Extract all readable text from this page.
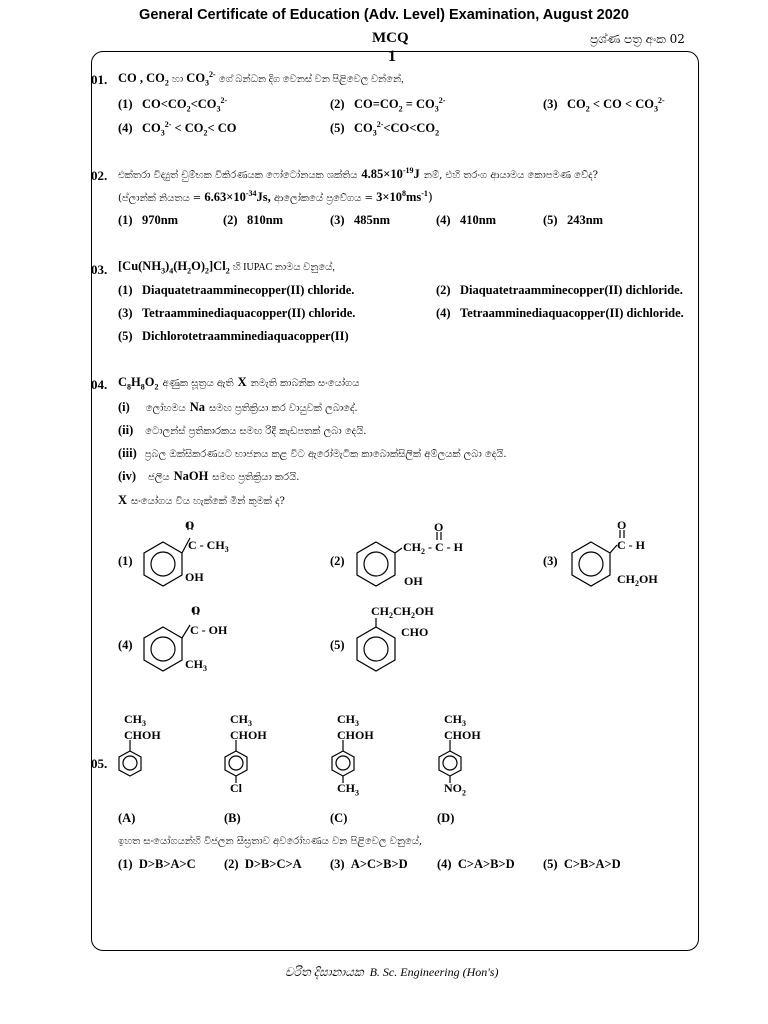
General Certificate of Education (Adv. Level) Examination, August 2020
MCQ	ප්‍රශ්ණ පත්‍ර අංක 02
1
01. CO , $CO_2$ හා $CO_3^{2-}$ ගේ බන්ධන දිග වෙනස් වන පිළිවෙල වන්නේ,
(1)   $CO<CO_2<CO_3^{2-}$	(2)   $CO=CO_2 = CO_3^{2-}$	(3)   $CO_2$ < CO < $CO_3^{2-}$
(4)   $CO_3^{2-} < CO_2<$ CO	(5)   $CO_3^{2-}<CO<CO_2$
02. එක්තරා විද්‍යුත් චුම්භක විකිරණයක ෆෝටෝනයක ශක්තිය $4.85\times 10^{-19}J$ නම්, එහි තරංග ආයාමය කොපමණ වේද?
(ප්ලාන්ක් නියතය = $6.63\times 10^{-34}Js$, ආලෝකයේ ප්‍රවේගය = $3\times 10^8ms^{-1}$)
(1) 970nm	(2) 810nm	(3) 485nm	(4) 410nm	(5) 243nm
03. $[Cu(NH_3)_4(H_2O)_2]Cl_2$ හි IUPAC නාමය වනුයේ,
(1) Diaquatetraamminecopper(II) chloride.	(2) Diaquatetraamminecopper(II) dichloride.
(3) Tetraamminediaquacopper(II) chloride.	(4) Tetraamminediaquacopper(II) dichloride.
(5) Dichlorotetraamminediaquacopper(II)
04. $C_8H_8O_2$ අණුක සූත්‍රය ඇති X නමැති කාබනික සංයෝගය
(i) ලෝහමය Na සමඟ ප්‍රතික්‍රියා කර වායුවක් ලබාදේ.
(ii) ටොලන්ස් ප්‍රතිකාරකය සමඟ රිදී කැඩපතක් ලබා දෙයි.
(iii) ප්‍රබල ඔක්සිකරණයට භාජනය කළ විට ඇරෝමැටික කාබොක්සිලික් අම්ලයක් ලබා දෙයි.
(iv) ජලීය NaOH සමඟ ප්‍රතික්‍රියා කරයි.
X සංයෝගය විය හැක්කේ මින් කුමක් ද?
(1)	(2)	(3)
(4)	(5)
O
C - $CH_3$
OH
O
$CH_2$ - C - H
OH
O
C - H
$CH_2OH$
O
C - OH
$CH_3$
$CH_2CH_2OH$
CHO
$CH_3$
CHOH
$CH_3$
CHOH
$CH_3$
CHOH
$CH_3$
CHOH
Cl	$CH_3$	$NO_2$
05.
(A)	(B)	(C)	(D)
ඉහත සංයෝගයන්හි විජලන සීඝ්‍රතාව අවරෝහණය වන පිළිවෙල වනුයේ,
(1) D>B>A>C (2) D>B>C>A (3) A>C>B>D (4) C>A>B>D (5) C>B>A>D
චරිත දිසානායක B. Sc. Engineering (Hon's)
